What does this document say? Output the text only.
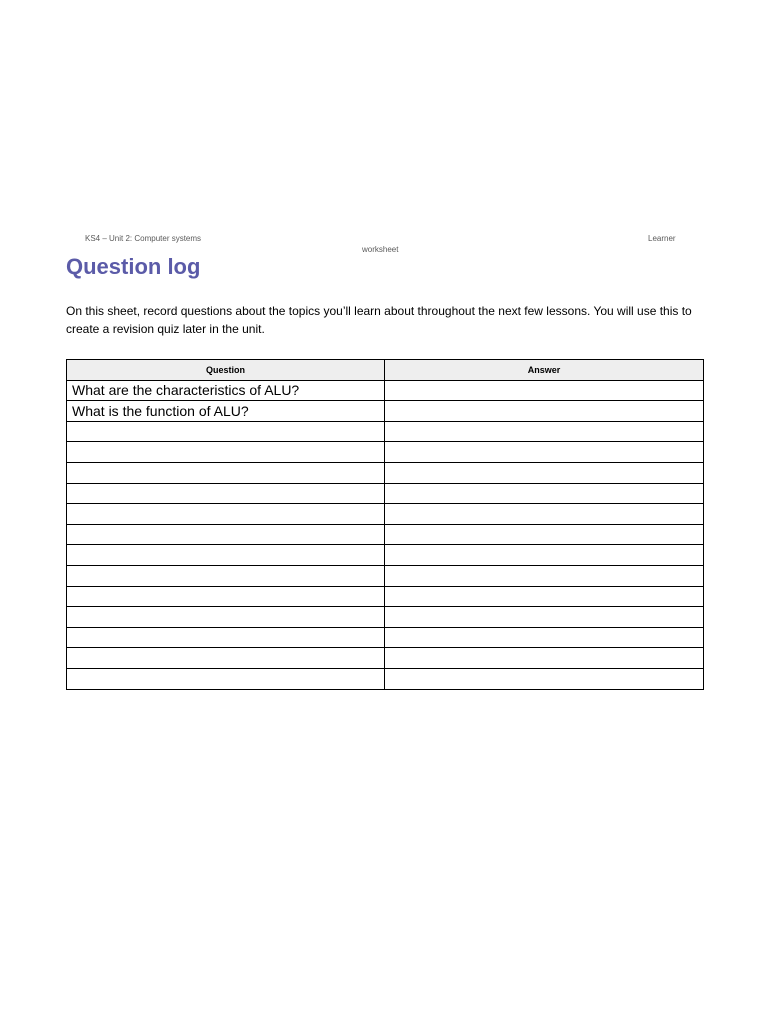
KS4 – Unit 2: Computer systems	Learner
worksheet
Question log

On this sheet, record questions about the topics you’ll learn about throughout the next few lessons. You will use this to create a revision quiz later in the unit.

Question	Answer
What are the characteristics of ALU?	
What is the function of ALU?	
